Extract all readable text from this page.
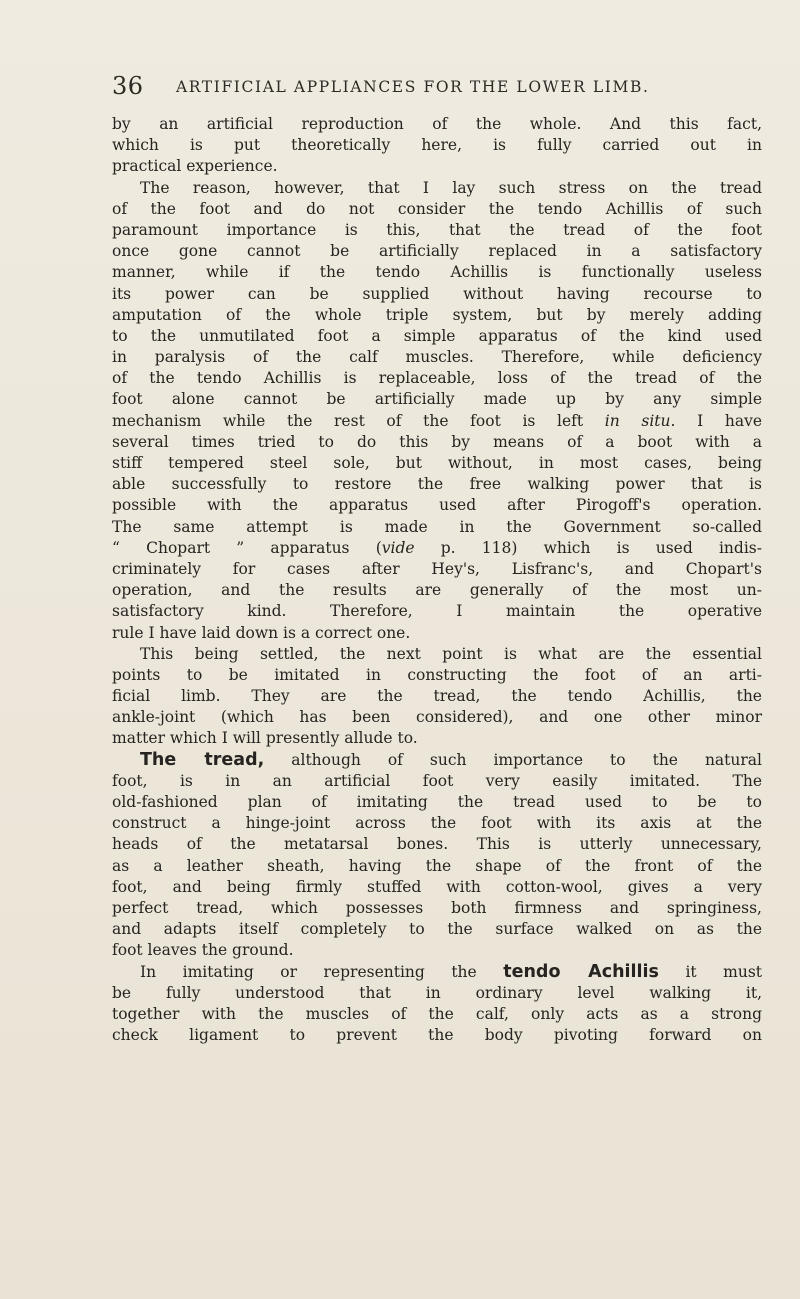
36 ARTIFICIAL APPLIANCES FOR THE LOWER LIMB.
by an artificial reproduction of the whole. And this fact,
which is put theoretically here, is fully carried out in
practical experience.
The reason, however, that I lay such stress on the tread
of the foot and do not consider the tendo Achillis of such
paramount importance is this, that the tread of the foot
once gone cannot be artificially replaced in a satisfactory
manner, while if the tendo Achillis is functionally useless
its power can be supplied without having recourse to
amputation of the whole triple system, but by merely adding
to the unmutilated foot a simple apparatus of the kind used
in paralysis of the calf muscles. Therefore, while deficiency
of the tendo Achillis is replaceable, loss of the tread of the
foot alone cannot be artificially made up by any simple
mechanism while the rest of the foot is left in situ. I have
several times tried to do this by means of a boot with a
stiff tempered steel sole, but without, in most cases, being
able successfully to restore the free walking power that is
possible with the apparatus used after Pirogoff's operation.
The same attempt is made in the Government so-called
“ Chopart ” apparatus (vide p. 118) which is used indis-
criminately for cases after Hey's, Lisfranc's, and Chopart's
operation, and the results are generally of the most un-
satisfactory kind. Therefore, I maintain the operative
rule I have laid down is a correct one.
This being settled, the next point is what are the essential
points to be imitated in constructing the foot of an arti-
ficial limb. They are the tread, the tendo Achillis, the
ankle-joint (which has been considered), and one other minor
matter which I will presently allude to.
The tread, although of such importance to the natural
foot, is in an artificial foot very easily imitated. The
old-fashioned plan of imitating the tread used to be to
construct a hinge-joint across the foot with its axis at the
heads of the metatarsal bones. This is utterly unnecessary,
as a leather sheath, having the shape of the front of the
foot, and being firmly stuffed with cotton-wool, gives a very
perfect tread, which possesses both firmness and springiness,
and adapts itself completely to the surface walked on as the
foot leaves the ground.
In imitating or representing the tendo Achillis it must
be fully understood that in ordinary level walking it,
together with the muscles of the calf, only acts as a strong
check ligament to prevent the body pivoting forward on
